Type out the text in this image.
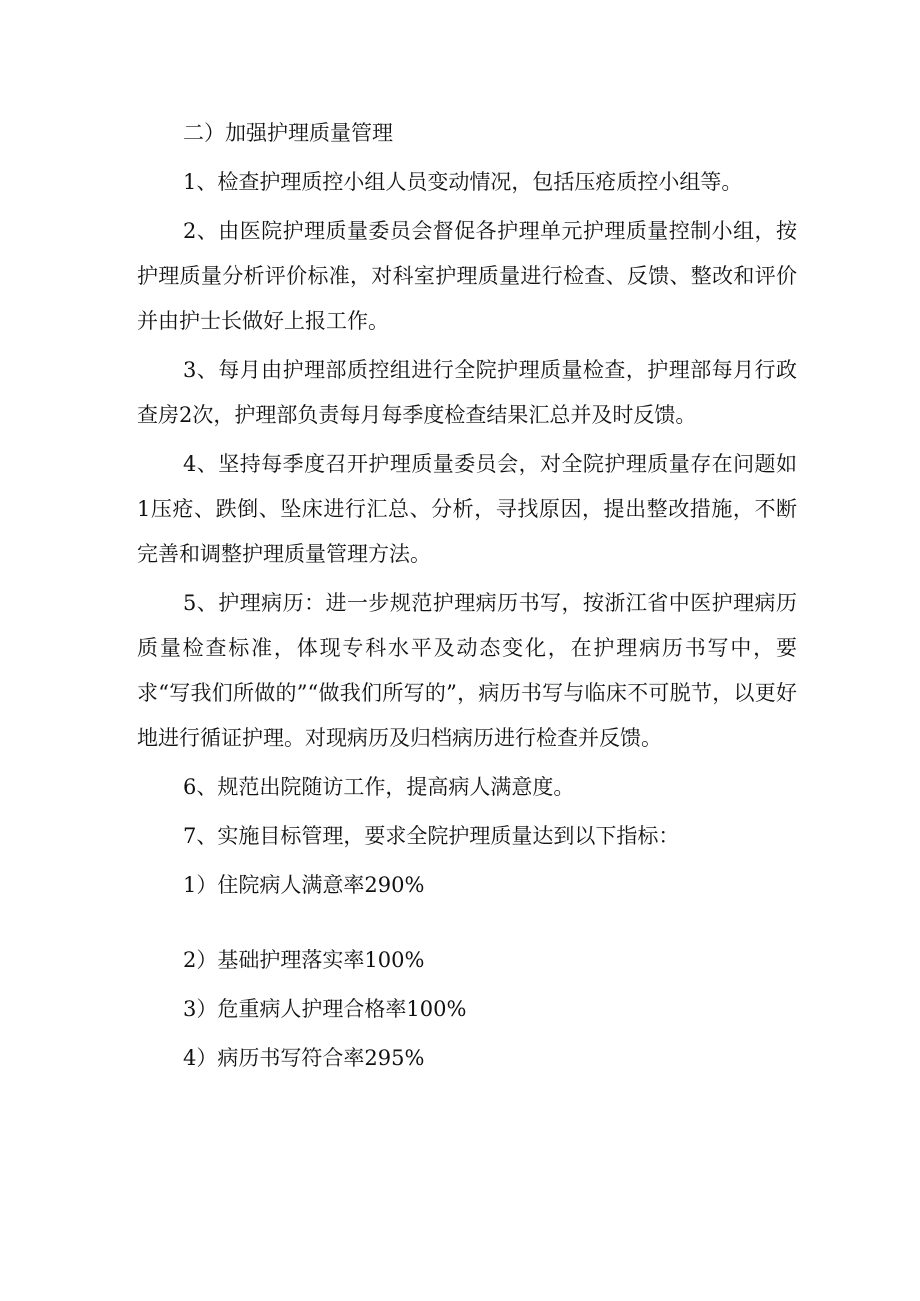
二）加强护理质量管理

1、检查护理质控小组人员变动情况，包括压疮质控小组等。

2、由医院护理质量委员会督促各护理单元护理质量控制小组，按护理质量分析评价标准，对科室护理质量进行检查、反馈、整改和评价并由护士长做好上报工作。

3、每月由护理部质控组进行全院护理质量检查，护理部每月行政查房2次，护理部负责每月每季度检查结果汇总并及时反馈。

4、坚持每季度召开护理质量委员会，对全院护理质量存在问题如1压疮、跌倒、坠床进行汇总、分析，寻找原因，提出整改措施，不断完善和调整护理质量管理方法。

5、护理病历：进一步规范护理病历书写，按浙江省中医护理病历质量检查标准，体现专科水平及动态变化，在护理病历书写中，要求“写我们所做的”“做我们所写的”，病历书写与临床不可脱节，以更好地进行循证护理。对现病历及归档病历进行检查并反馈。

6、规范出院随访工作，提高病人满意度。

7、实施目标管理，要求全院护理质量达到以下指标：

1）住院病人满意率290%

2）基础护理落实率100%

3）危重病人护理合格率100%

4）病历书写符合率295%
